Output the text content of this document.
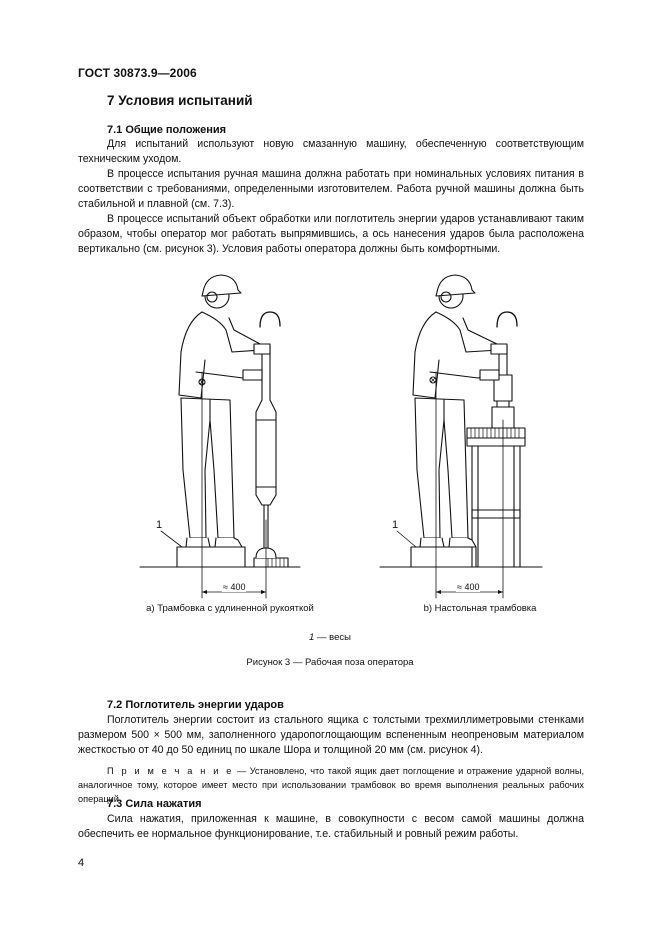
ГОСТ 30873.9—2006
7 Условия испытаний
7.1 Общие положения

Для испытаний используют новую смазанную машину, обеспеченную соответствующим техническим уходом.

В процессе испытания ручная машина должна работать при номинальных условиях питания в соответствии с требованиями, определенными изготовителем. Работа ручной машины должна быть стабильной и плавной (см. 7.3).

В процессе испытаний объект обработки или поглотитель энергии ударов устанавливают таким образом, чтобы оператор мог работать выпрямившись, а ось нанесения ударов была расположена вертикально (см. рисунок 3). Условия работы оператора должны быть комфортными.

1	1
≈ 400	≈ 400
а) Трамбовка с удлиненной рукояткой	b) Настольная трамбовка
1 — весы
Рисунок 3 — Рабочая поза оператора
7.2 Поглотитель энергии ударов

Поглотитель энергии состоит из стального ящика с толстыми трехмиллиметровыми стенками размером 500 × 500 мм, заполненного ударопоглощающим вспененным неопреновым материалом жесткостью от 40 до 50 единиц по шкале Шора и толщиной 20 мм (см. рисунок 4).

П р и м е ч а н и е — Установлено, что такой ящик дает поглощение и отражение ударной волны, аналогичное тому, которое имеет место при использовании трамбовок во время выполнения реальных рабочих операций.

7.3 Сила нажатия

Сила нажатия, приложенная к машине, в совокупности с весом самой машины должна обеспечить ее нормальное функционирование, т.е. стабильный и ровный режим работы.

4
